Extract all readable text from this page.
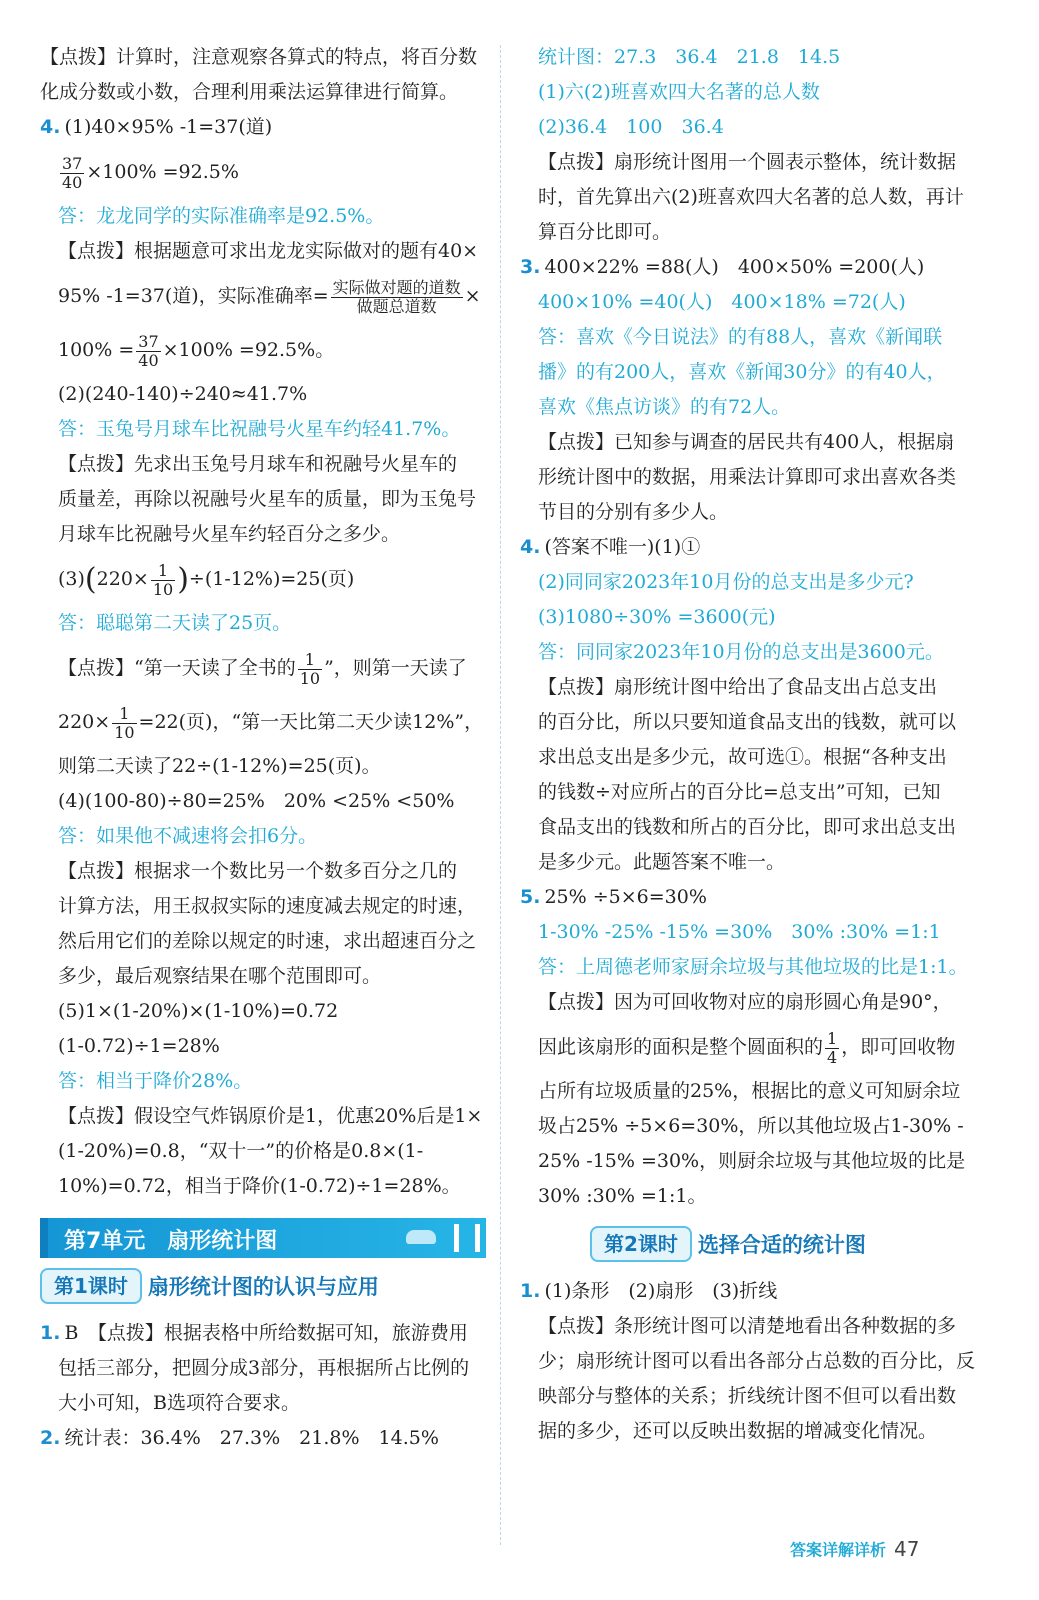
【点拨】计算时，注意观察各算式的特点，将百分数
化成分数或小数，合理利用乘法运算律进行简算。
4. (1)40×95% -1=37(道)
$\frac{37}{40} \times 100\% =92.5\%$
答：龙龙同学的实际准确率是92.5%。
【点拨】根据题意可求出龙龙实际做对的题有40×
95% -1=37(道)，实际准确率= $\frac{\text{实际做对题的道数}}{\text{做题总道数}}$ ×
$100\% = \frac{37}{40} \times 100\% =92.5\%$。
(2)(240-140)÷240≈41.7%
答：玉兔号月球车比祝融号火星车约轻41.7%。
【点拨】先求出玉兔号月球车和祝融号火星车的
质量差，再除以祝融号火星车的质量，即为玉兔号
月球车比祝融号火星车约轻百分之多少。
$(3)(220\times \frac{1}{10} )\div(1-12\%)=25$(页)
答：聪聪第二天读了25页。
【点拨】“第一天读了全书的 $\frac{1}{10}$ ”，则第一天读了
$220\times \frac{1}{10} =22$(页)，“第一天比第二天少读12%”，
则第二天读了22÷(1-12%)=25(页)。
(4)(100-80)÷80=25%　20% <25% <50%
答：如果他不减速将会扣6分。
【点拨】根据求一个数比另一个数多百分之几的
计算方法，用王叔叔实际的速度减去规定的时速，
然后用它们的差除以规定的时速，求出超速百分之
多少，最后观察结果在哪个范围即可。
(5)1×(1-20%)×(1-10%)=0.72
(1-0.72)÷1=28%
答：相当于降价28%。
【点拨】假设空气炸锅原价是1，优惠20%后是1×
(1-20%)=0.8，“双十一”的价格是0.8×(1-
10%)=0.72，相当于降价(1-0.72)÷1=28%。
第7单元　扇形统计图
第1课时 扇形统计图的认识与应用
1. B　【点拨】根据表格中所给数据可知，旅游费用
包括三部分，把圆分成3部分，再根据所占比例的
大小可知，B选项符合要求。
2. 统计表：36.4%　27.3%　21.8%　14.5%
统计图：27.3　36.4　21.8　14.5
(1)六(2)班喜欢四大名著的总人数
(2)36.4　100　36.4
【点拨】扇形统计图用一个圆表示整体，统计数据
时，首先算出六(2)班喜欢四大名著的总人数，再计
算百分比即可。
3. 400×22% =88(人)　400×50% =200(人)
400×10% =40(人)　400×18% =72(人)
答：喜欢《今日说法》的有88人，喜欢《新闻联
播》的有200人，喜欢《新闻30分》的有40人，
喜欢《焦点访谈》的有72人。
【点拨】已知参与调查的居民共有400人，根据扇
形统计图中的数据，用乘法计算即可求出喜欢各类
节目的分别有多少人。
4. (答案不唯一)(1)①
(2)同同家2023年10月份的总支出是多少元?
(3)1080÷30% =3600(元)
答：同同家2023年10月份的总支出是3600元。
【点拨】扇形统计图中给出了食品支出占总支出
的百分比，所以只要知道食品支出的钱数，就可以
求出总支出是多少元，故可选①。根据“各种支出
的钱数÷对应所占的百分比=总支出”可知，已知
食品支出的钱数和所占的百分比，即可求出总支出
是多少元。此题答案不唯一。
5. 25% ÷5×6=30%
1-30% -25% -15% =30%　30% :30% =1:1
答：上周德老师家厨余垃圾与其他垃圾的比是1:1。
【点拨】因为可回收物对应的扇形圆心角是90°，
因此该扇形的面积是整个圆面积的 $\frac{1}{4}$ ，即可回收物
占所有垃圾质量的25%，根据比的意义可知厨余垃
圾占25% ÷5×6=30%，所以其他垃圾占1-30% -
25% -15% =30%，则厨余垃圾与其他垃圾的比是
30% :30% =1:1。
第2课时 选择合适的统计图
1. (1)条形　(2)扇形　(3)折线
【点拨】条形统计图可以清楚地看出各种数据的多
少；扇形统计图可以看出各部分占总数的百分比，反
映部分与整体的关系；折线统计图不但可以看出数
据的多少，还可以反映出数据的增减变化情况。
答案详解详析 47
